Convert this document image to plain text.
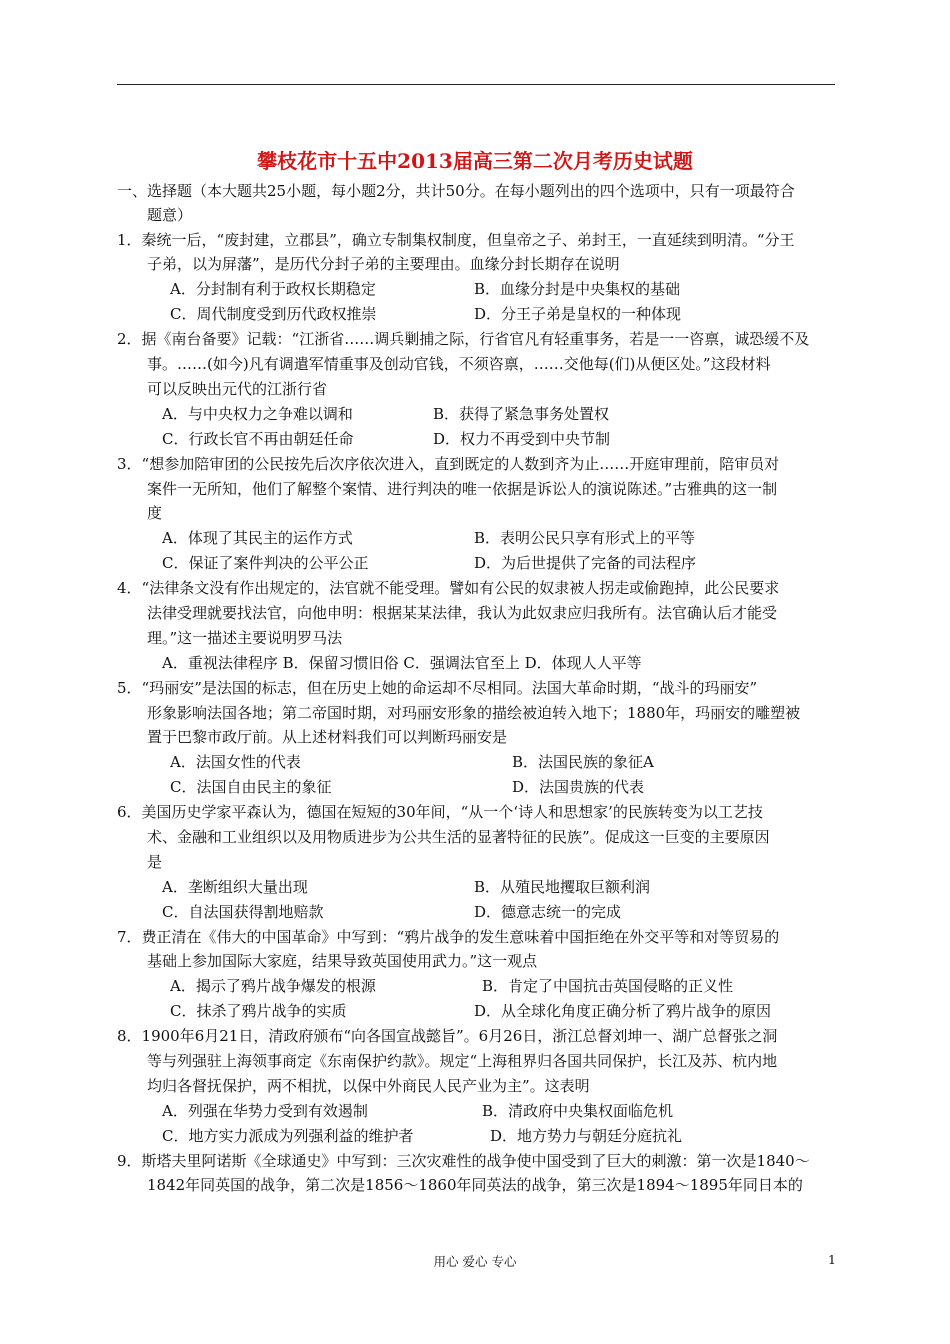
攀枝花市十五中2013届高三第二次月考历史试题
一、选择题（本大题共25小题，每小题2分，共计50分。在每小题列出的四个选项中，只有一项最符合
题意）
1．秦统一后，“废封建，立郡县”，确立专制集权制度，但皇帝之子、弟封王，一直延续到明清。“分王
子弟，以为屏藩”，是历代分封子弟的主要理由。血缘分封长期存在说明
A．分封制有利于政权长期稳定	B．血缘分封是中央集权的基础
C．周代制度受到历代政权推崇	D．分王子弟是皇权的一种体现
2．据《南台备要》记载：“江浙省……调兵剿捕之际，行省官凡有轻重事务，若是一一咨禀，诚恐缓不及
事。……(如今)凡有调遣军情重事及创动官钱，不须咨禀，……交他每(们)从便区处。”这段材料
可以反映出元代的江浙行省
A．与中央权力之争难以调和	B．获得了紧急事务处置权
C．行政长官不再由朝廷任命	D．权力不再受到中央节制
3．“想参加陪审团的公民按先后次序依次进入，直到既定的人数到齐为止……开庭审理前，陪审员对
案件一无所知，他们了解整个案情、进行判决的唯一依据是诉讼人的演说陈述。”古雅典的这一制
度
A．体现了其民主的运作方式	B．表明公民只享有形式上的平等
C．保证了案件判决的公平公正	D．为后世提供了完备的司法程序
4．“法律条文没有作出规定的，法官就不能受理。譬如有公民的奴隶被人拐走或偷跑掉，此公民要求
法律受理就要找法官，向他申明：根据某某法律，我认为此奴隶应归我所有。法官确认后才能受
理。”这一描述主要说明罗马法
A．重视法律程序 B．保留习惯旧俗 C．强调法官至上 D．体现人人平等
5．“玛丽安”是法国的标志，但在历史上她的命运却不尽相同。法国大革命时期，“战斗的玛丽安”
形象影响法国各地；第二帝国时期，对玛丽安形象的描绘被迫转入地下；1880年，玛丽安的雕塑被
置于巴黎市政厅前。从上述材料我们可以判断玛丽安是
A．法国女性的代表	B．法国民族的象征A
C．法国自由民主的象征	D．法国贵族的代表
6．美国历史学家平森认为，德国在短短的30年间，“从一个‘诗人和思想家’的民族转变为以工艺技
术、金融和工业组织以及用物质进步为公共生活的显著特征的民族”。促成这一巨变的主要原因
是
A．垄断组织大量出现	B．从殖民地攫取巨额利润
C．自法国获得割地赔款	D．德意志统一的完成
7．费正清在《伟大的中国革命》中写到：“鸦片战争的发生意味着中国拒绝在外交平等和对等贸易的
基础上参加国际大家庭，结果导致英国使用武力。”这一观点
A．揭示了鸦片战争爆发的根源	B．肯定了中国抗击英国侵略的正义性
C．抹杀了鸦片战争的实质	D．从全球化角度正确分析了鸦片战争的原因
8．1900年6月21日，清政府颁布“向各国宣战懿旨”。6月26日，浙江总督刘坤一、湖广总督张之洞
等与列强驻上海领事商定《东南保护约款》。规定“上海租界归各国共同保护，长江及苏、杭内地
均归各督抚保护，两不相扰，以保中外商民人民产业为主”。这表明
A．列强在华势力受到有效遏制	B．清政府中央集权面临危机
C．地方实力派成为列强利益的维护者	D．地方势力与朝廷分庭抗礼
9．斯塔夫里阿诺斯《全球通史》中写到：三次灾难性的战争使中国受到了巨大的刺激：第一次是1840～
1842年同英国的战争，第二次是1856～1860年同英法的战争，第三次是1894～1895年同日本的
用心 爱心 专心	1
